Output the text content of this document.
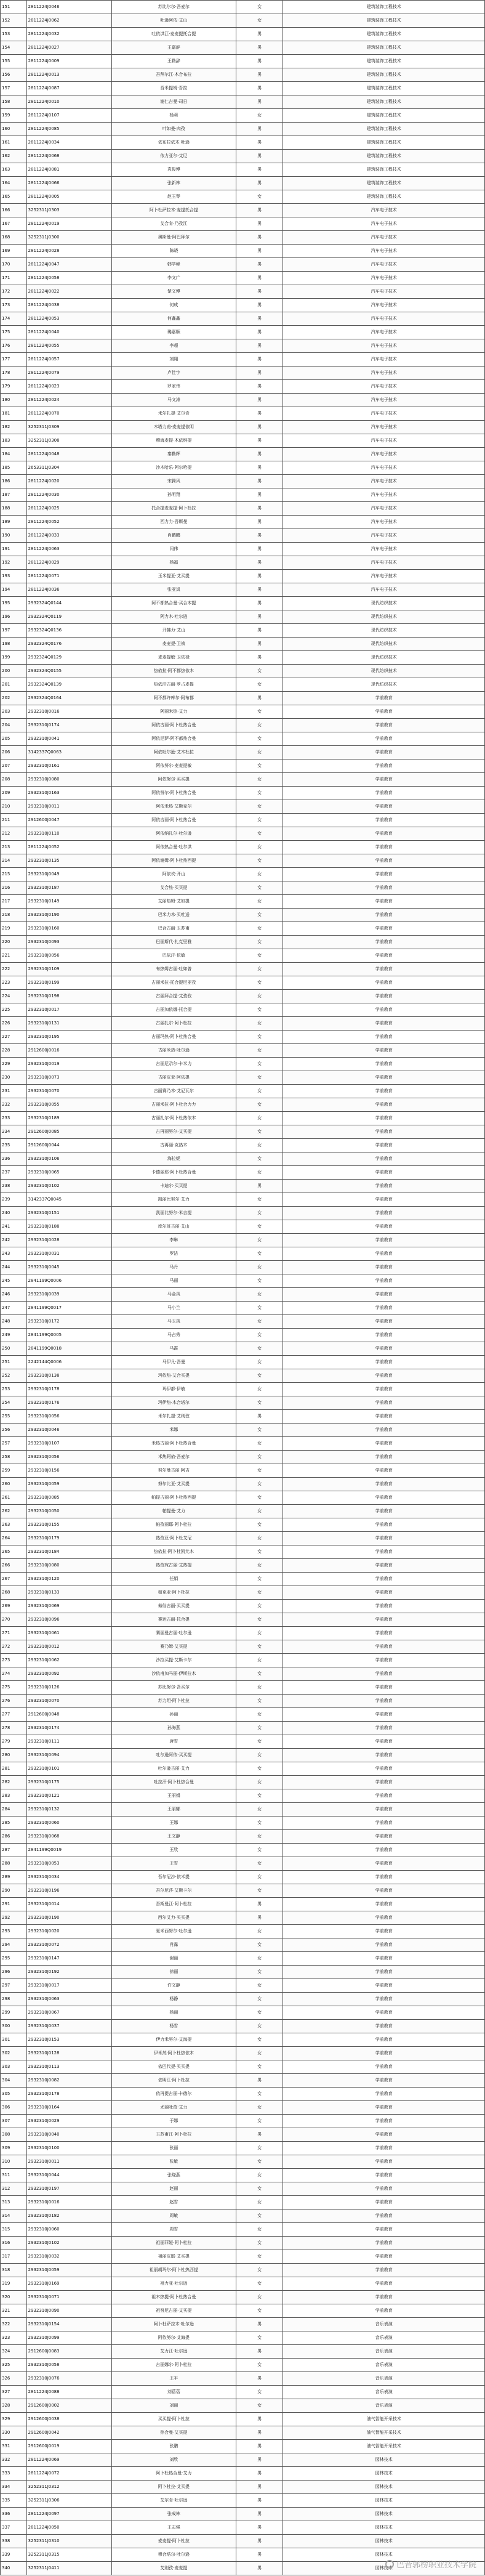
151	2811224J0046	苏比尔尔·吾麦尔	女	建筑装饰工程技术
152	2811224J0062	吐逊阿依·艾山	女	建筑装饰工程技术
153	2811224J0032	吐依洪江·麦麦提托合提	男	建筑装饰工程技术
154	2811224J0027	王嘉辞	男	建筑装饰工程技术
155	2811224J0009	王勒辞	男	建筑装饰工程技术
156	2811224J0013	吾拜尔江·木合布拉	男	建筑装饰工程技术
157	2811224J0087	吾米提姆·吾拉	男	建筑装饰工程技术
158	2811224J0010	谢仁吉曼·司日	男	建筑装饰工程技术
159	2811224J0107	杨莉	女	建筑装饰工程技术
160	2811224J0085	叶如曼·肉孜	男	建筑装饰工程技术
161	2811224J0034	依布拉依木·吐逊	男	建筑装饰工程技术
162	2811224J0068	依力亚尔·艾尼	男	建筑装饰工程技术
163	2811224J0081	袁俊博	男	建筑装饰工程技术
164	2811224J0066	张新林	男	建筑装饰工程技术
165	2811224J0005	赵玉琴	女	建筑装饰工程技术
166	3252311J0303	阿卜杜萨拉木·麦提托合提	男	汽车电子技术
167	2811224J0019	艾合肯·乃孜江	男	汽车电子技术
168	3252311J0300	奥斯曼·阿巴拜尔	男	汽车电子技术
169	2811224J0028	陈晓	男	汽车电子技术
170	2811224J0047	韩学峰	男	汽车电子技术
171	2811224J0058	李文广	男	汽车电子技术
172	2811224J0022	楚文博	男	汽车电子技术
173	2811224J0038	何成	男	汽车电子技术
174	2811224J0053	何鑫鑫	男	汽车电子技术
175	2811224J0040	璐嘉顺	男	汽车电子技术
176	2811224J0055	李超	男	汽车电子技术
177	2811224J0057	刘翔	男	汽车电子技术
178	2811224J0079	卢佳宇	男	汽车电子技术
179	2811224J0023	罗家伟	男	汽车电子技术
180	2811224J0024	马文涛	男	汽车电子技术
181	2811224J0070	米尔扎提·艾尔肯	男	汽车电子技术
182	3252311J0309	木塔力甫·麦麦提依明	男	汽车电子技术
183	3252311J0308	穆海麦提·木依纳提	男	汽车电子技术
184	2811224J0048	秦勤辉	男	汽车电子技术
185	2653311J0304	沙木哈乐·阿尔哈提	男	汽车电子技术
186	2811224J0020	宋腾风	男	汽车电子技术
187	2811224J0030	孙明翔	男	汽车电子技术
188	2811224J0025	托合提麦麦提·阿卜杜拉	男	汽车电子技术
189	2811224J0052	西力力·吾斯曼	男	汽车电子技术
190	2811224J0033	肖鹏鹏	男	汽车电子技术
191	2811224J0063	闫伟	男	汽车电子技术
192	2811224J0029	杨福	男	汽车电子技术
193	2811224J0071	玉米提亚·艾买提	男	汽车电子技术
194	2811224J0036	张亚岚	男	汽车电子技术
195	2932324Q0144	阿不都热合曼·买合木提	男	现代纺织技术
196	2932324Q0119	阿力木·吐尔逊	男	现代纺织技术
197	2932324Q0136	开拂力·艾山	男	现代纺织技术
198	2932324Q0176	麦麦提·卫祯	男	现代纺织技术
199	2932324Q0129	麦麦提敏·卫依禄	男	现代纺织技术
200	2932324Q0155	热依拉·阿不都热依木	女	现代纺织技术
201	2932324Q0139	热依汗古丽·罗占麦提	女	现代纺织技术
202	2932324Q0164	阿不都许库尔·阿布都	男	学前教育
203	2932310J0016	阿丽米热·艾力	女	学前教育
204	2932310J0174	阿依古丽·阿卜杜热合曼	女	学前教育
205	2932310J0041	阿依尼萨·阿不都热合曼	女	学前教育
206	3142337Q0063	阿依吐尔逊·艾木杜拉	女	学前教育
207	2932310J0161	阿依努尔·麦麦提敏	女	学前教育
208	2932310J0080	阿依努尔·买买提	女	学前教育
209	2932310J0163	阿依努尔·阿卜杜热合曼	女	学前教育
210	2932310J0011	阿依米热·艾斯克尔	女	学前教育
211	2912600J0047	阿依吉丽·阿卜杜热合曼	女	学前教育
212	2932310J0110	阿依纳扎尔·吐尔逊	女	学前教育
213	2811224J0052	阿依热合曼·吐尔洪	女	学前教育
214	2932310J0135	阿依谢姆·阿卜杜热西提	女	学前教育
215	2932310J0049	阿依坎·开山	女	学前教育
216	2932310J0187	艾合热·买买提	女	学前教育
217	2932310J0149	艾丽热姆·艾如提	女	学前教育
218	2932310J0190	巴米力木·买吐送	女	学前教育
219	2932310J0160	巴合古丽·玉苏甫	女	学前教育
220	2932310J0093	巴丽斯代·扎克里雅	女	学前教育
221	2932310J0056	巴依汗·依敏	女	学前教育
222	2932310J0109	布热姆古丽·吐如普	女	学前教育
223	2932310J0199	古丽米拉·托合提尼亚孜	女	学前教育
224	2932310J0198	古丽拜合提·艾孜孜	女	学前教育
225	2932310J0017	古丽加依娜·托合提	女	学前教育
226	2932310J0131	古丽扎尔·阿卜杜拉	女	学前教育
227	2932310J0195	古丽玛热·阿卜杜热合曼	女	学前教育
228	2912600J0016	古丽米热·吐尔逊	女	学前教育
229	2932310J0019	古丽尼尕尔·卡米力	女	学前教育
230	2932310J0073	古丽皮亚·阿依提	女	学前教育
231	2932310J0070	古丽赛乃木·艾尼瓦尔	女	学前教育
232	2932310J0055	古丽米拉·阿卜杜合力力	女	学前教育
233	2932310J0189	古丽扎尔·阿卜杜热依木	女	学前教育
234	2912600J0085	古再丽努尔·艾买提	女	学前教育
235	2912600J0044	古再丽·克热木	女	学前教育
236	2932310J0106	海拉妮	女	学前教育
237	2932310J0065	卡德丽耶·阿卜杜热合曼	女	学前教育
238	2932310J0102	卡迪尔·买买提	男	学前教育
239	3142337Q0045	凯丽比努尔·艾力	女	学前教育
240	2932310J0151	凯丽比努尔·米吉提	女	学前教育
241	2932310J0188	库尔班古丽·艾山	女	学前教育
242	2932310J0028	李琳	女	学前教育
243	2932310J0031	罗洁	女	学前教育
244	2932310J0045	马丹	女	学前教育
245	2841199Q0006	马丽	女	学前教育
246	2932310J0039	马金凤	女	学前教育
247	2841199Q0017	马小兰	女	学前教育
248	2932310J0172	马玉凤	女	学前教育
249	2841199Q0005	马占秀	女	学前教育
250	2841199Q0018	马霞	女	学前教育
251	2242144Q0006	马伊凡·吾曼	女	学前教育
252	2932310J0138	玛依热·艾合买提	女	学前教育
253	2932310J0178	玛伊都·伊敏	女	学前教育
254	2932310J0176	玛伊热·木合塔尔	女	学前教育
255	2932310J0056	米尔扎提·艾则孜	男	学前教育
256	2932310J0046	米娜	女	学前教育
257	2932310J0107	米热古丽·阿卜杜热合曼	女	学前教育
258	2932310J0056	米热阿依·吾麦尔	女	学前教育
259	2932310J0156	努尔曼古丽·阿吉	女	学前教育
260	2932310J0059	努尔比亚·艾买提	女	学前教育
261	2932310J0085	帕提古丽·阿卜杜热西提	女	学前教育
262	2932310J0050	帕提曼·艾力	女	学前教育
263	2932310J0155	帕孜丽耶·阿卜杜拉	女	学前教育
264	2932310J0179	热孜亚·阿卜杜艾尼	女	学前教育
265	2932310J0184	热依拉·阿卜杜凯尤木	女	学前教育
266	2932310J0080	热孜宛古丽·艾热提	女	学前教育
267	2932310J0120	任娟	女	学前教育
268	2932310J0133	如克亚·阿卜杜拉	女	学前教育
269	2932310J0069	茹仙古丽·买买提	女	学前教育
270	2932310J0096	赛达古丽·托合提	女	学前教育
271	2932310J0061	赛丽曼古丽·吐尔逊	女	学前教育
272	2932310J0012	赛乃姆·艾买提	女	学前教育
273	2932310J0062	沙拉买提·艾斯卡尔	女	学前教育
274	2932310J0092	沙依甫加马丽·伊斯拉木	女	学前教育
275	2932310J0126	苏比努尔·吾买尔	女	学前教育
276	2932310J0070	苏力坦·阿卜杜拉	女	学前教育
277	2912600J0048	孙丽	女	学前教育
278	2932310J0174	孙海燕	女	学前教育
279	2932310J0111	唐雪	女	学前教育
280	2932310J0094	吐尔逊阿依·买买提	女	学前教育
281	2932310J0101	吐尔逊古丽·艾力	女	学前教育
282	2932310J0175	吐拉汗·阿卜杜热合曼	女	学前教育
283	2932310J0121	王丽娟	女	学前教育
284	2932310J0132	王丽娜	女	学前教育
285	2932310J0060	王娜	女	学前教育
286	2932310J0068	王文静	女	学前教育
287	2841199Q0019	王欣	女	学前教育
288	2932310J0053	王雪	女	学前教育
289	2932310J0034	吾尔尼沙·依米提	女	学前教育
290	2932310J0196	吾尔尼莎·艾斯卡尔	女	学前教育
291	2932310J0014	吾斯曼江·阿卜杜拉	男	学前教育
292	2932310J0190	西尔艾力·买买提	男	学前教育
293	2932310J0020	夏米西努尔·吐尔逊	女	学前教育
294	2932310J0072	肖露	女	学前教育
295	2932310J0147	谢丽	女	学前教育
296	2932310J0192	徐丽	女	学前教育
297	2932310J0017	许文静	女	学前教育
298	2932310J0063	杨静	女	学前教育
299	2932310J0067	杨丽	女	学前教育
300	2932310J0037	杨雪	女	学前教育
301	2932310J0153	伊力米努尔·艾海提	女	学前教育
302	2932310J0128	伊米然·阿卜杜热依木	女	学前教育
303	2932310J0113	依巴代提·买买提	女	学前教育
304	2932310J0082	依明江·阿卜杜拉	男	学前教育
305	2932310J0178	依再提古丽·卡德尔	女	学前教育
306	2932310J0164	尤丽吐孜·艾力	女	学前教育
307	2932310J0029	于娜	女	学前教育
308	2932310J0040	玉苏甫江·阿卜杜拉	男	学前教育
309	2932310J0100	张丽	女	学前教育
310	2932310J0011	张敏	女	学前教育
311	2932310J0044	张晓燕	女	学前教育
312	2932310J0197	赵丽	女	学前教育
313	2932310J0016	赵雪	女	学前教育
314	2932310J0182	周敏	女	学前教育
315	2932310J0060	周雪	女	学前教育
316	2932310J0102	祖丽菲娅·阿卜杜拉	女	学前教育
317	2932310J0032	祖丽皮耶·艾买提	女	学前教育
318	2932310J0059	祖丽胡玛尔·阿卜杜热西提	女	学前教育
319	2932310J0169	祖力亚·吐尔逊	女	学前教育
320	2932310J0071	祖木热提·阿卜杜热合曼	女	学前教育
321	2932310J0090	祖努尼古丽·艾买提	女	学前教育
322	2932310J0154	阿卜杜萨拉木·吐尔逊	男	音乐表演
323	2932310J0099	阿依努尔·艾海提	女	音乐表演
324	2912600J0083	艾力江·吐尔逊	男	音乐表演
325	2932310J0058	古丽娜尔·阿卜杜拉	女	音乐表演
326	2932310J0076	王平	男	音乐表演
327	2811224J0088	刘蓓蓓	女	音乐表演
328	2912600J0002	刘丽	女	音乐表演
329	2912600J0038	买买提·阿卜杜拉	男	油气智能开采技术
330	2912600J0042	热合曼·艾买提	男	油气智能开采技术
331	2912600J0019	张鹏	男	油气智能开采技术
332	2811224J0069	刘欣	男	园林技术
333	2811224J0072	阿卜杜热合曼·艾力	男	园林技术
334	3252311J0312	阿卜杜拉·艾买提	男	园林技术
335	3252311J0306	艾尔肯·吐尔逊	男	园林技术
336	2811224J0097	张成林	男	园林技术
337	2811224J0050	王志强	男	园林技术
338	3252311J0310	麦麦提·阿卜杜拉	男	园林技术
339	3252311J0315	穆合塔尔·吐尔逊	男	园林技术
340	3252311J0411	艾则孜·麦麦提	男	园林技术 巴音郭楞职业技术学院
